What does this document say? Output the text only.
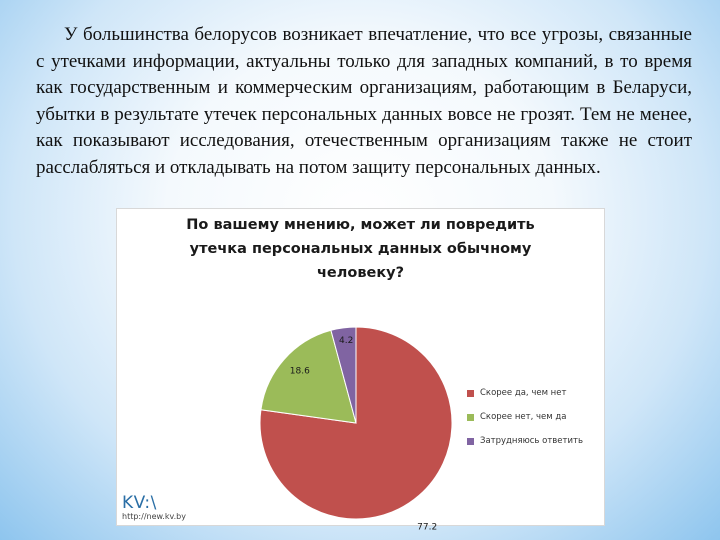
У большинства белорусов возникает впечатление, что все угрозы, связанные с утечками информации, актуальны только для западных компаний, в то время как государственным и коммерческим организациям, работающим в Беларуси, убытки в результате утечек персональных данных вовсе не грозят. Тем не менее, как показывают исследования, отечественным организациям также не стоит расслабляться и откладывать на потом защиту персональных данных.

77.2
18.6
4.2
По вашему мнению, может ли повредить
утечка персональных данных обычному
человеку?
Скорее да, чем нет
Скорее нет, чем да
Затрудняюсь ответить
KV:\
http://new.kv.by
